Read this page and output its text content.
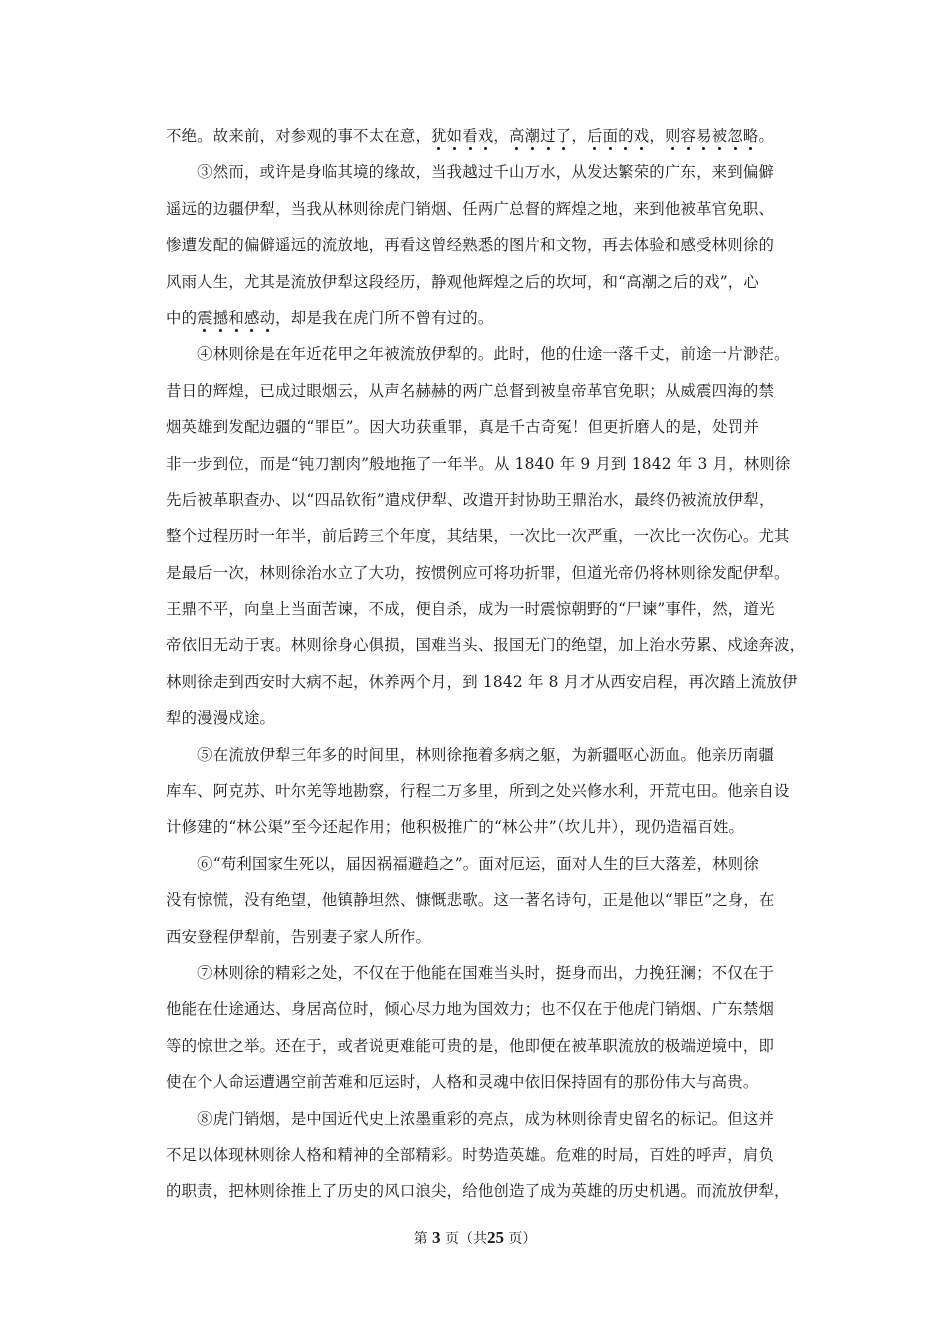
不绝。故来前，对参观的事不太在意，犹如看戏，高潮过了，后面的戏，则容易被忽略。
　　③然而，或许是身临其境的缘故，当我越过千山万水，从发达繁荣的广东，来到偏僻
遥远的边疆伊犁，当我从林则徐虎门销烟、任两广总督的辉煌之地，来到他被革官免职、
惨遭发配的偏僻遥远的流放地，再看这曾经熟悉的图片和文物，再去体验和感受林则徐的
风雨人生，尤其是流放伊犁这段经历，静观他辉煌之后的坎坷，和“高潮之后的戏”，心
中的震撼和感动，却是我在虎门所不曾有过的。
　　④林则徐是在年近花甲之年被流放伊犁的。此时，他的仕途一落千丈，前途一片渺茫。
昔日的辉煌，已成过眼烟云，从声名赫赫的两广总督到被皇帝革官免职；从威震四海的禁
烟英雄到发配边疆的“罪臣”。因大功获重罪，真是千古奇冤！但更折磨人的是，处罚并
非一步到位，而是“钝刀割肉”般地拖了一年半。从 1840 年 9 月到 1842 年 3 月，林则徐
先后被革职查办、以“四品钦衔”遣戍伊犁、改遣开封协助王鼎治水，最终仍被流放伊犁，
整个过程历时一年半，前后跨三个年度，其结果，一次比一次严重，一次比一次伤心。尤其
是最后一次，林则徐治水立了大功，按惯例应可将功折罪，但道光帝仍将林则徐发配伊犁。
王鼎不平，向皇上当面苦谏，不成，便自杀，成为一时震惊朝野的“尸谏”事件，然，道光
帝依旧无动于衷。林则徐身心俱损，国难当头、报国无门的绝望，加上治水劳累、戍途奔波，
林则徐走到西安时大病不起，休养两个月，到 1842 年 8 月才从西安启程，再次踏上流放伊
犁的漫漫戍途。
　　⑤在流放伊犁三年多的时间里，林则徐拖着多病之躯，为新疆呕心沥血。他亲历南疆
库车、阿克苏、叶尔羌等地勘察，行程二万多里，所到之处兴修水利，开荒屯田。他亲自设
计修建的“林公渠”至今还起作用；他积极推广的“林公井”（坎儿井），现仍造福百姓。
　　⑥“苟利国家生死以，届因祸福避趋之”。面对厄运，面对人生的巨大落差，林则徐
没有惊慌，没有绝望，他镇静坦然、慷慨悲歌。这一著名诗句，正是他以“罪臣”之身，在
西安登程伊犁前，告别妻子家人所作。
　　⑦林则徐的精彩之处，不仅在于他能在国难当头时，挺身而出，力挽狂澜；不仅在于
他能在仕途通达、身居高位时，倾心尽力地为国效力；也不仅在于他虎门销烟、广东禁烟
等的惊世之举。还在于，或者说更难能可贵的是，他即便在被革职流放的极端逆境中，即
使在个人命运遭遇空前苦难和厄运时，人格和灵魂中依旧保持固有的那份伟大与高贵。
　　⑧虎门销烟，是中国近代史上浓墨重彩的亮点，成为林则徐青史留名的标记。但这并
不足以体现林则徐人格和精神的全部精彩。时势造英雄。危难的时局，百姓的呼声，肩负
的职责，把林则徐推上了历史的风口浪尖，给他创造了成为英雄的历史机遇。而流放伊犁，
第 3 页（共25 页）
